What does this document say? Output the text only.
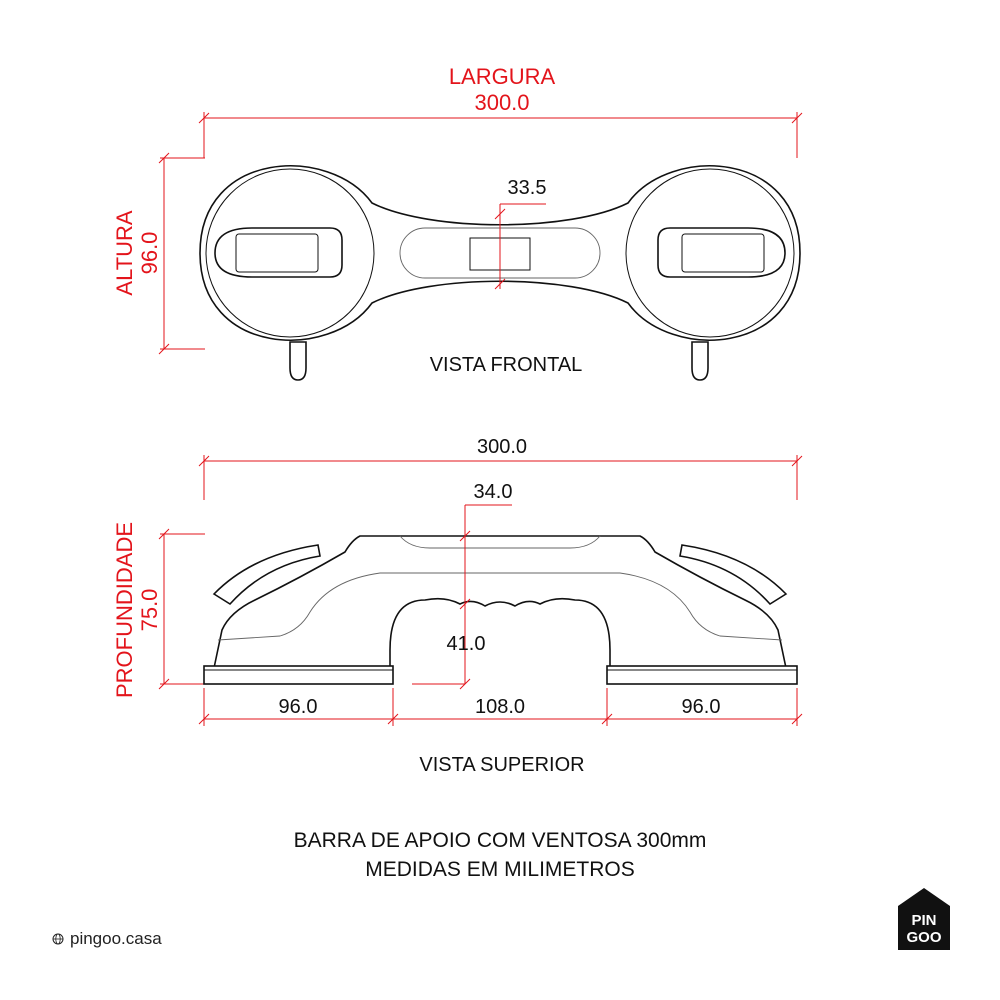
LARGURA
300.0
ALTURA 96.0
33.5
VISTA FRONTAL
300.0
PROFUNDIDADE 75.0
34.0
41.0
96.0	108.0	96.0
VISTA SUPERIOR
BARRA DE APOIO COM VENTOSA 300mm
MEDIDAS EM MILIMETROS
pingoo.casa
PIN
GOO
